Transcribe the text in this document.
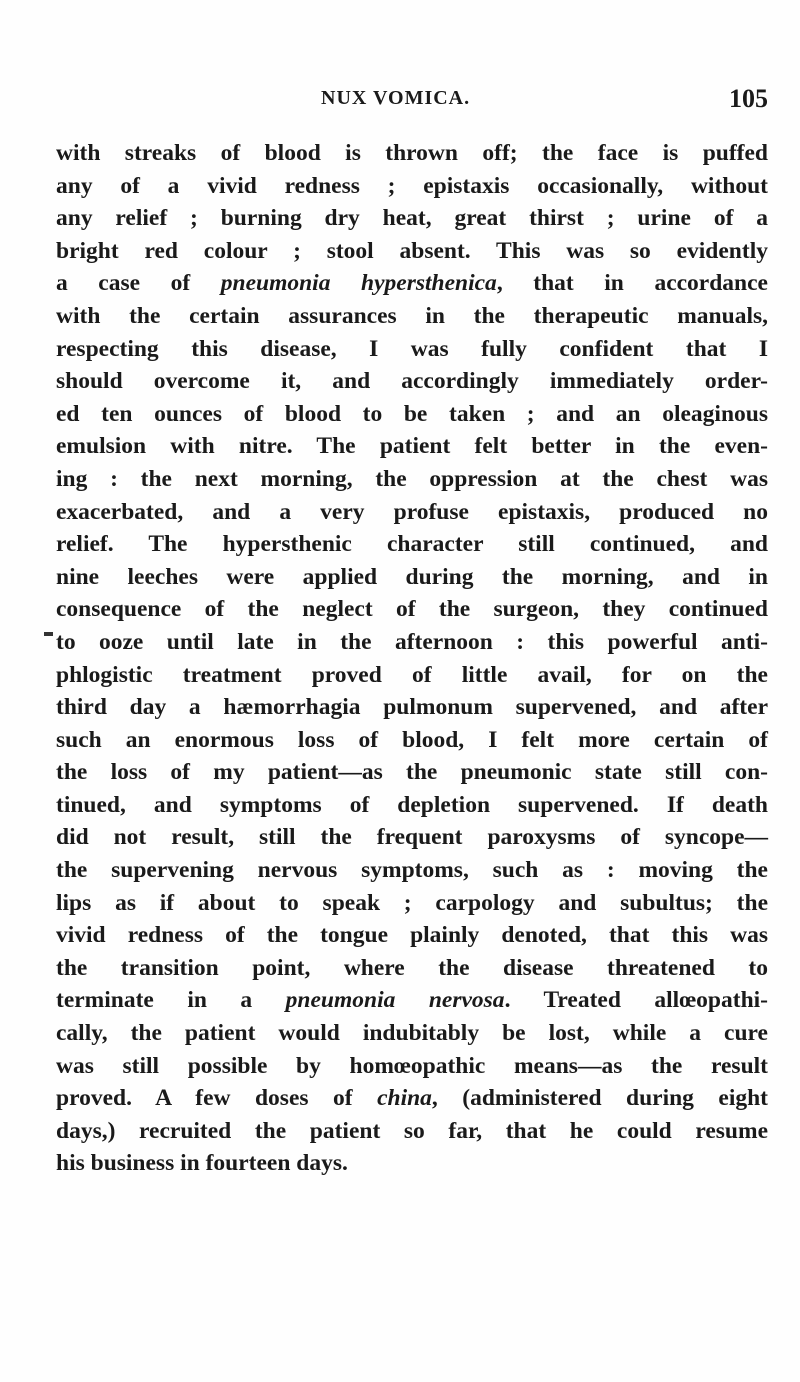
NUX VOMICA.	105
with streaks of blood is thrown off; the face is puffed
any of a vivid redness ; epistaxis occasionally, without
any relief ; burning dry heat, great thirst ; urine of a
bright red colour ; stool absent. This was so evidently
a case of pneumonia hypersthenica, that in accordance
with the certain assurances in the therapeutic manuals,
respecting this disease, I was fully confident that I
should overcome it, and accordingly immediately order-
ed ten ounces of blood to be taken ; and an oleaginous
emulsion with nitre. The patient felt better in the even-
ing : the next morning, the oppression at the chest was
exacerbated, and a very profuse epistaxis, produced no
relief. The hypersthenic character still continued, and
nine leeches were applied during the morning, and in
consequence of the neglect of the surgeon, they continued
to ooze until late in the afternoon : this powerful anti-
phlogistic treatment proved of little avail, for on the
third day a hæmorrhagia pulmonum supervened, and after
such an enormous loss of blood, I felt more certain of
the loss of my patient—as the pneumonic state still con-
tinued, and symptoms of depletion supervened. If death
did not result, still the frequent paroxysms of syncope—
the supervening nervous symptoms, such as : moving the
lips as if about to speak ; carpology and subultus; the
vivid redness of the tongue plainly denoted, that this was
the transition point, where the disease threatened to
terminate in a pneumonia nervosa. Treated allœopathi-
cally, the patient would indubitably be lost, while a cure
was still possible by homœopathic means—as the result
proved. A few doses of china, (administered during eight
days,) recruited the patient so far, that he could resume
his business in fourteen days.
